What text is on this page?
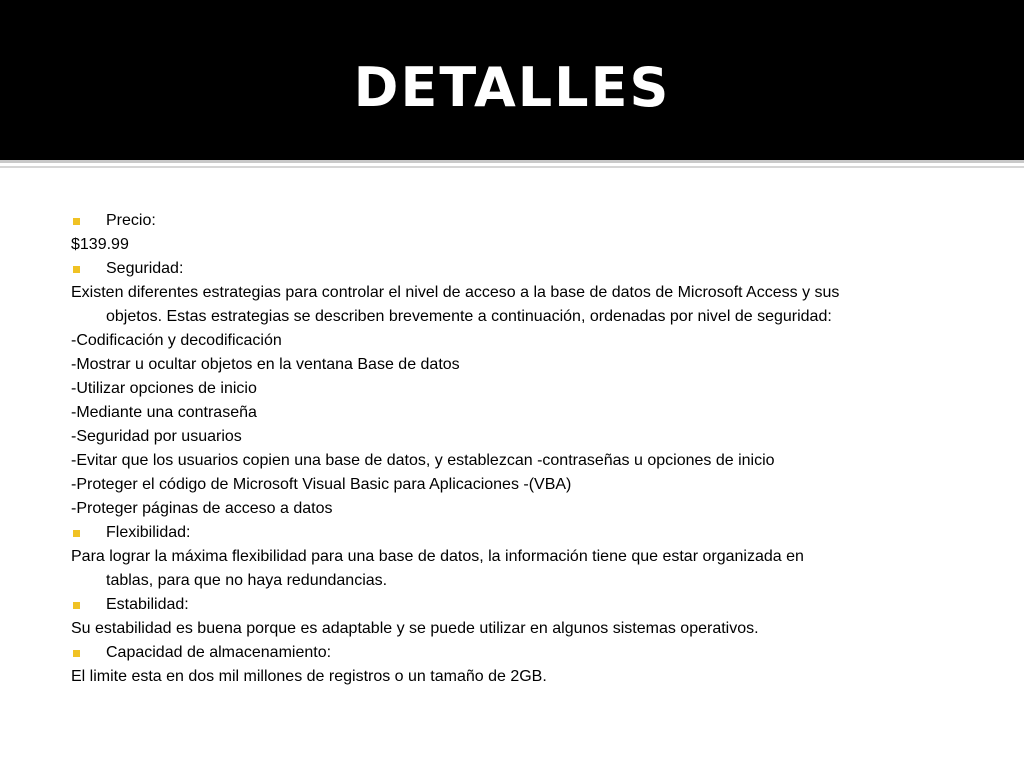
DETALLES
Precio:
$139.99
Seguridad:
Existen diferentes estrategias para controlar el nivel de acceso a la base de datos de Microsoft Access y sus
objetos. Estas estrategias se describen brevemente a continuación, ordenadas por nivel de seguridad:
-Codificación y decodificación
-Mostrar u ocultar objetos en la ventana Base de datos
-Utilizar opciones de inicio
-Mediante una contraseña
-Seguridad por usuarios
-Evitar que los usuarios copien una base de datos, y establezcan -contraseñas u opciones de inicio
-Proteger el código de Microsoft Visual Basic para Aplicaciones -(VBA)
-Proteger páginas de acceso a datos
Flexibilidad:
Para lograr la máxima flexibilidad para una base de datos, la información tiene que estar organizada en
tablas, para que no haya redundancias.
Estabilidad:
Su estabilidad es buena porque es adaptable y se puede utilizar en algunos sistemas operativos.
Capacidad de almacenamiento:
El limite esta en dos mil millones de registros o un tamaño de 2GB.
